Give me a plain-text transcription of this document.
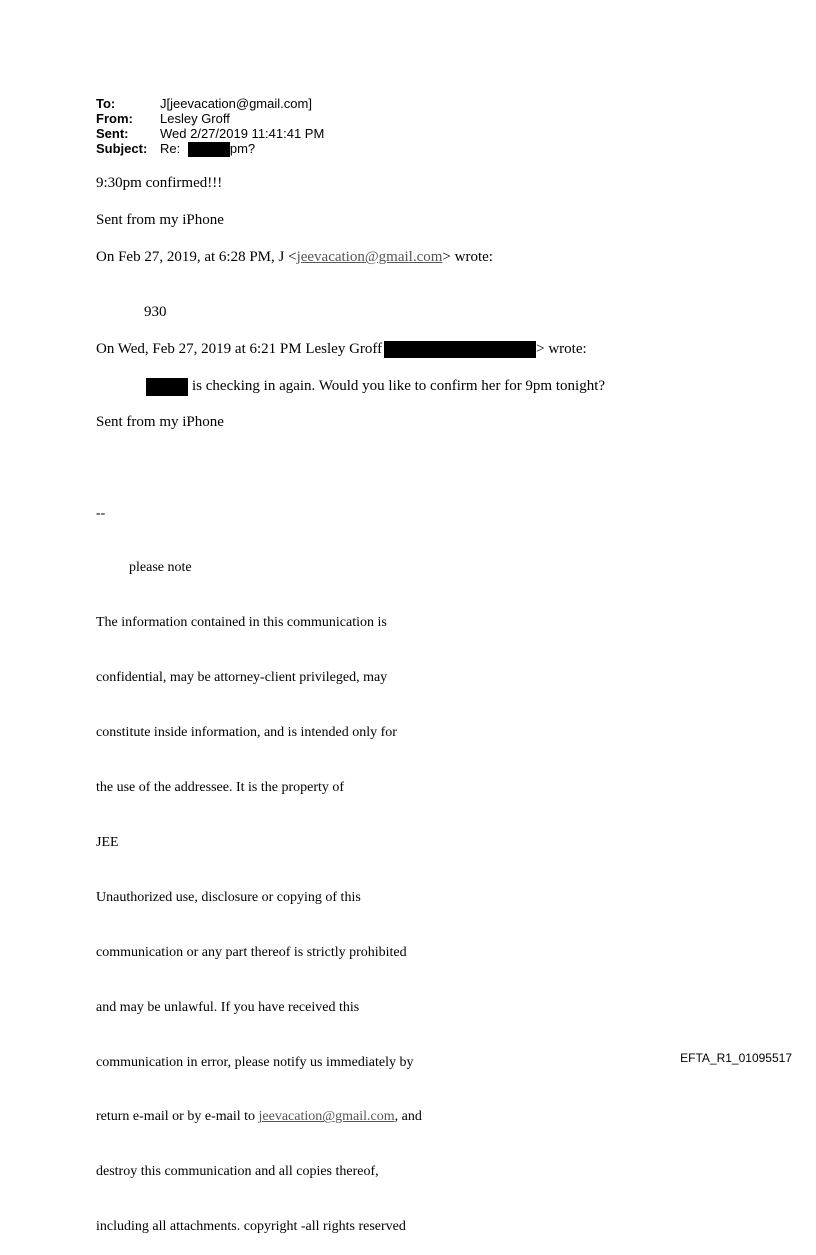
To:	J[jeevacation@gmail.com]
From:	Lesley Groff
Sent:	Wed 2/27/2019 11:41:41 PM
Subject: Re:	pm?
9:30pm confirmed!!!
Sent from my iPhone
On Feb 27, 2019, at 6:28 PM, J <jeevacation@gmail.com> wrote:
930
On Wed, Feb 27, 2019 at 6:21 PM Lesley Groff	> wrote:
is checking in again. Would you like to confirm her for 9pm tonight?
Sent from my iPhone

--

please note

The information contained in this communication is

confidential, may be attorney-client privileged, may

constitute inside information, and is intended only for

the use of the addressee. It is the property of

JEE

Unauthorized use, disclosure or copying of this

communication or any part thereof is strictly prohibited

and may be unlawful. If you have received this

communication in error, please notify us immediately by

return e-mail or by e-mail to jeevacation@gmail.com, and

destroy this communication and all copies thereof,

including all attachments. copyright -all rights reserved

EFTA_R1_01095517
